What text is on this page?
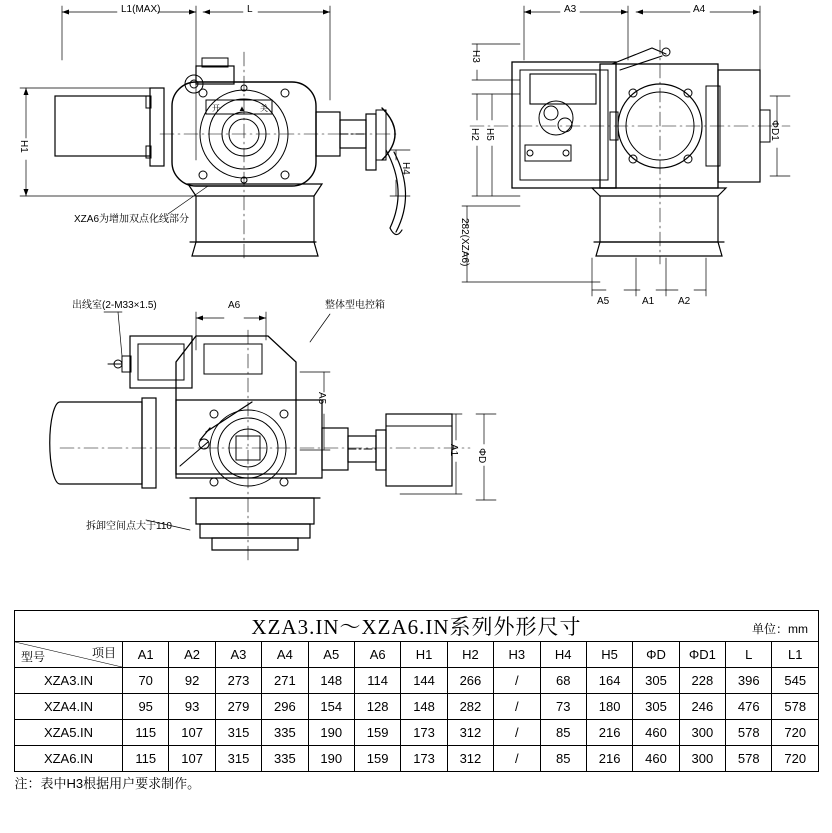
开 ▲ 关
L1(MAX)	L	A3	A4
H3
H2 H5	ΦD1
H1
H4
XZA6为增加双点化线部分	282(XZA6)
A5	A1 A2
出线室(2-M33×1.5)	A6	整体型电控箱
A5
A1 ΦD
拆卸空间点大于110
XZA3.IN～XZA6.IN系列外形尺寸 单位：mm															

项目
型号	A1	A2	A3	A4	A5	A6	H1	H2	H3	H4	H5	ΦD	ΦD1	L	L1
XZA3.IN	70	92	273	271	148	114	144	266	/	68	164	305	228	396	545
XZA4.IN	95	93	279	296	154	128	148	282	/	73	180	305	246	476	578
XZA5.IN	115	107	315	335	190	159	173	312	/	85	216	460	300	578	720
XZA6.IN	115	107	315	335	190	159	173	312	/	85	216	460	300	578	720
注：表中H3根据用户要求制作。															
